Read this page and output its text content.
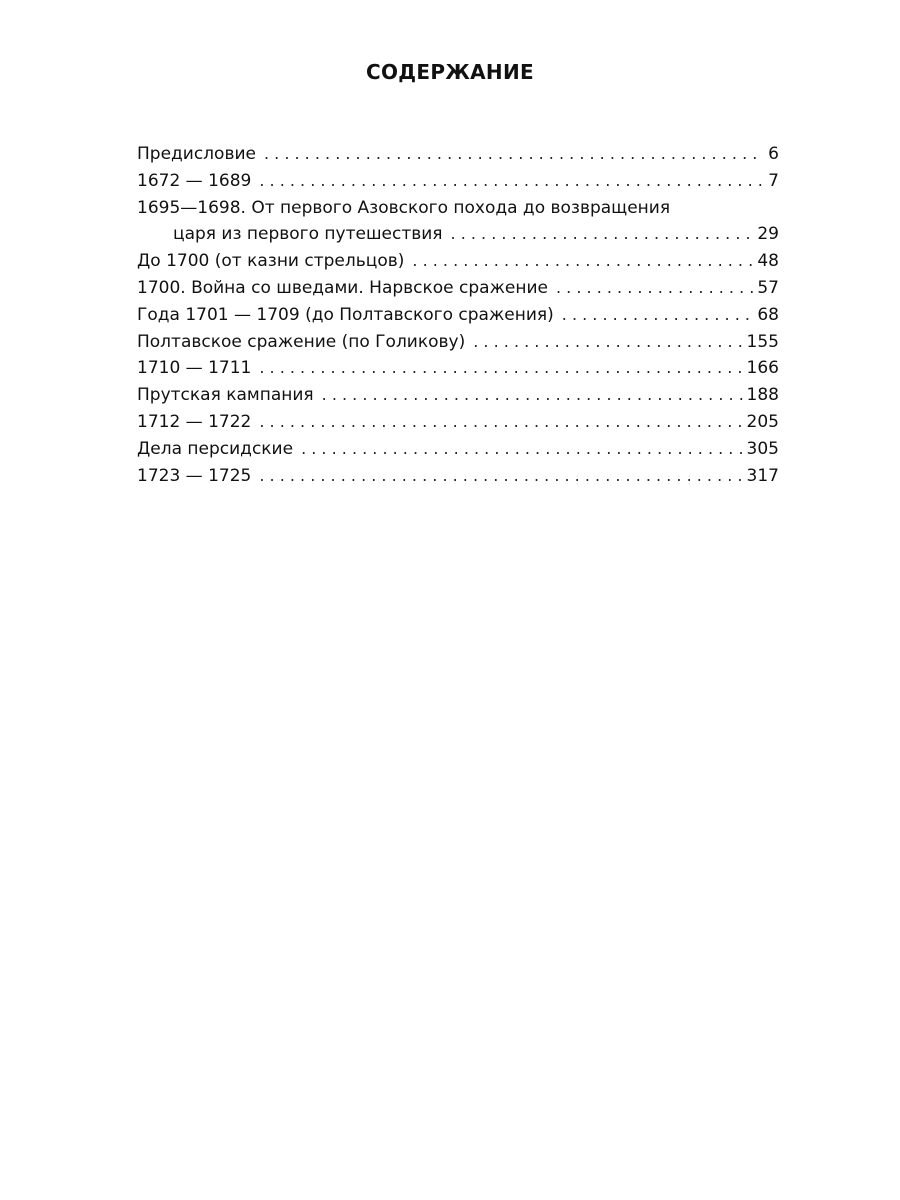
СОДЕРЖАНИЕ
Предисловие . . .	6
1672 — 1689 . . .	7
1695—1698. От первого Азовского похода до возвращения
царя из первого путешествия . . .	29
До 1700 (от казни стрельцов) . . .	48
1700. Война со шведами. Нарвское сражение . . .	57
Года 1701 — 1709 (до Полтавского сражения) . . .	68
Полтавское сражение (по Голикову) . . .	155
1710 — 1711 . . .	166
Прутская кампания . . .	188
1712 — 1722 . . .	205
Дела персидские . . .	305
1723 — 1725 . . .	317
